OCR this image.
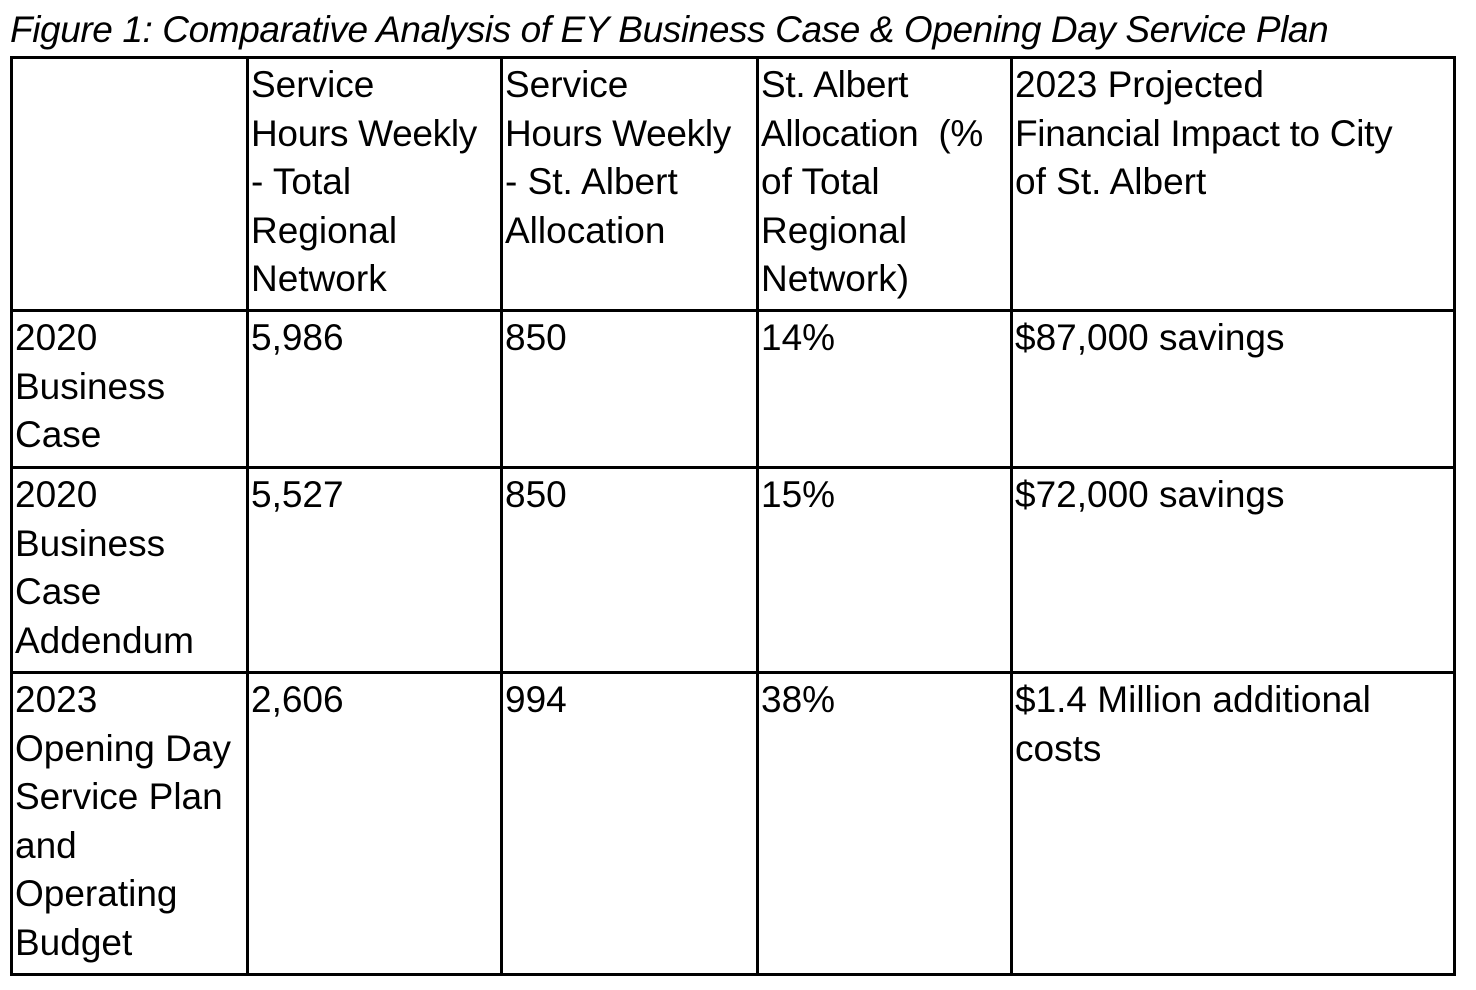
Figure 1: Comparative Analysis of EY Business Case & Opening Day Service Plan

	Service
Hours Weekly
- Total
Regional
Network	Service
Hours Weekly
- St. Albert
Allocation	St. Albert
Allocation  (%
of Total
Regional
Network)	2023 Projected
Financial Impact to City
of St. Albert
2020 Business Case	5,986	850	14%	$87,000 savings
2020 Business Case Addendum	5,527	850	15%	$72,000 savings
2023 Opening Day Service Plan and Operating Budget	2,606	994	38%	$1.4 Million additional costs
